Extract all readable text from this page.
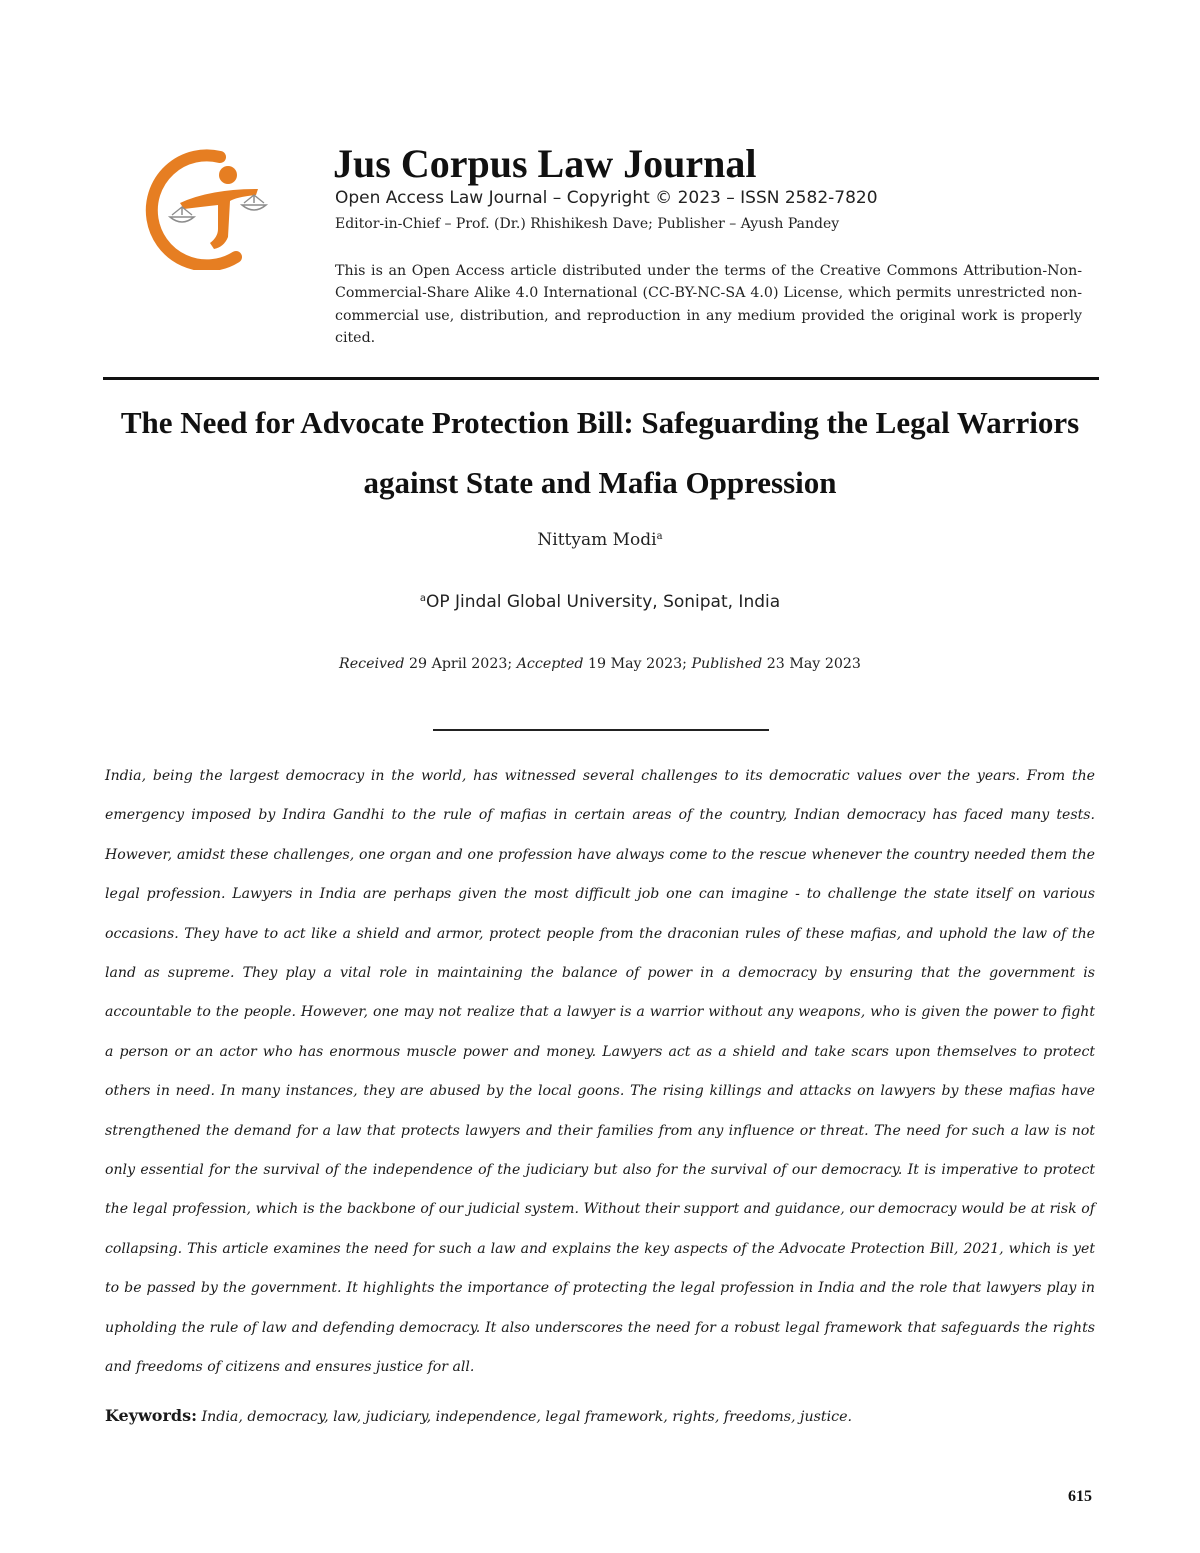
Jus Corpus Law Journal
Open Access Law Journal – Copyright © 2023 – ISSN 2582-7820
Editor-in-Chief – Prof. (Dr.) Rhishikesh Dave; Publisher – Ayush Pandey
This is an Open Access article distributed under the terms of the Creative Commons Attribution-Non-Commercial-Share Alike 4.0 International (CC-BY-NC-SA 4.0) License, which permits unrestricted non-commercial use, distribution, and reproduction in any medium provided the original work is properly cited.
The Need for Advocate Protection Bill: Safeguarding the Legal Warriors against State and Mafia Oppression
Nittyam Modi$^a$
$^a$OP Jindal Global University, Sonipat, India
Received 29 April 2023; Accepted 19 May 2023; Published 23 May 2023
India, being the largest democracy in the world, has witnessed several challenges to its democratic values over the years. From the emergency imposed by Indira Gandhi to the rule of mafias in certain areas of the country, Indian democracy has faced many tests. However, amidst these challenges, one organ and one profession have always come to the rescue whenever the country needed them the legal profession. Lawyers in India are perhaps given the most difficult job one can imagine - to challenge the state itself on various occasions. They have to act like a shield and armor, protect people from the draconian rules of these mafias, and uphold the law of the land as supreme. They play a vital role in maintaining the balance of power in a democracy by ensuring that the government is accountable to the people. However, one may not realize that a lawyer is a warrior without any weapons, who is given the power to fight a person or an actor who has enormous muscle power and money. Lawyers act as a shield and take scars upon themselves to protect others in need. In many instances, they are abused by the local goons. The rising killings and attacks on lawyers by these mafias have strengthened the demand for a law that protects lawyers and their families from any influence or threat. The need for such a law is not only essential for the survival of the independence of the judiciary but also for the survival of our democracy. It is imperative to protect the legal profession, which is the backbone of our judicial system. Without their support and guidance, our democracy would be at risk of collapsing. This article examines the need for such a law and explains the key aspects of the Advocate Protection Bill, 2021, which is yet to be passed by the government. It highlights the importance of protecting the legal profession in India and the role that lawyers play in upholding the rule of law and defending democracy. It also underscores the need for a robust legal framework that safeguards the rights and freedoms of citizens and ensures justice for all.
Keywords: India, democracy, law, judiciary, independence, legal framework, rights, freedoms, justice.
615
